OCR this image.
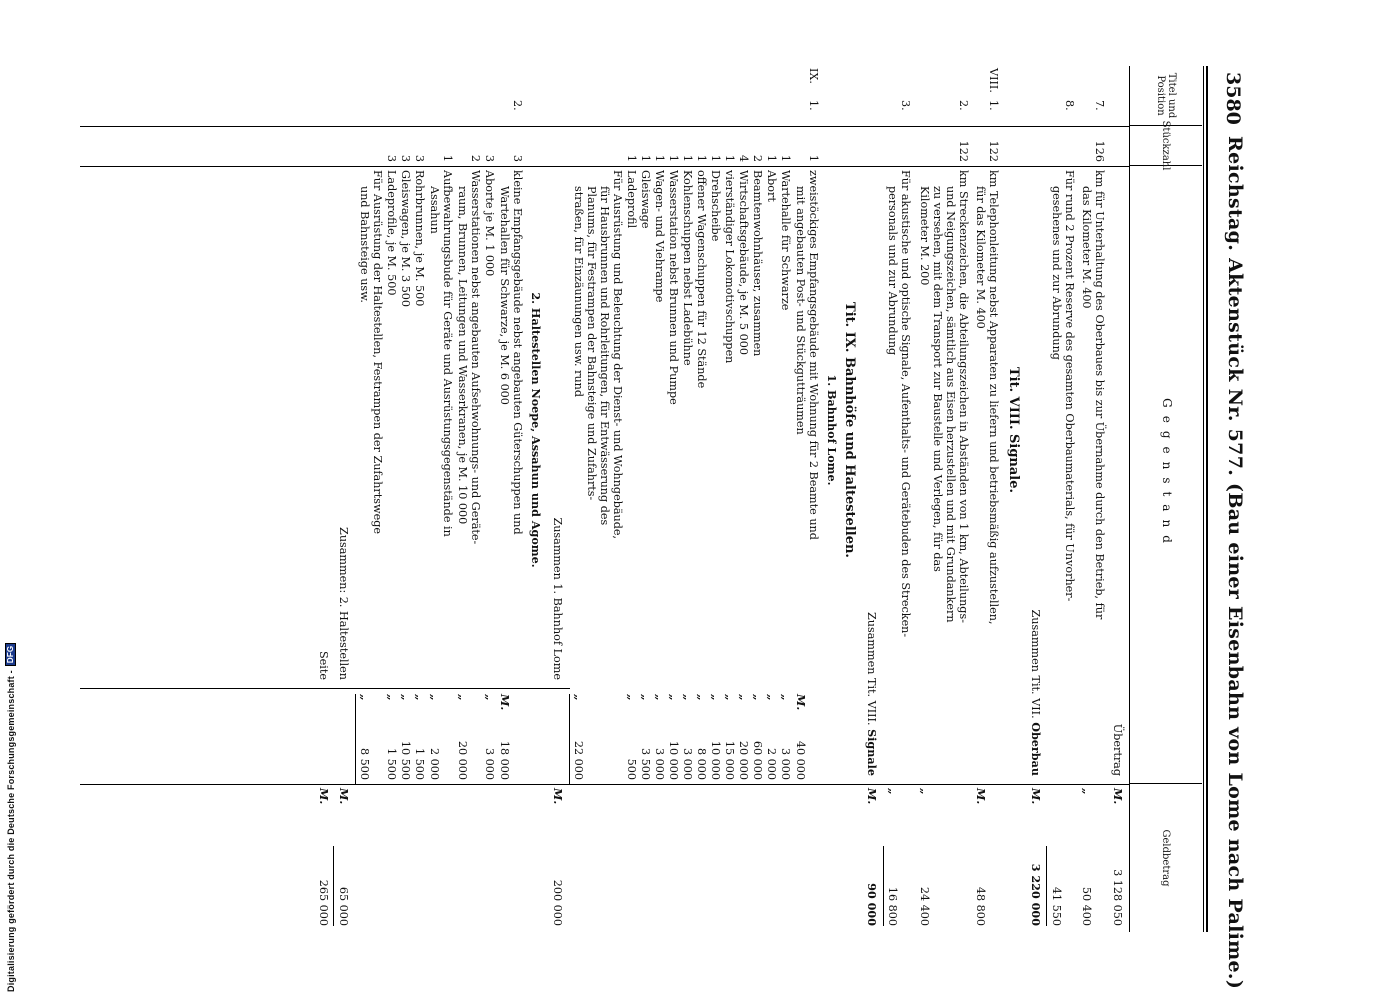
Digitalisierung gefördert durch die Deutsche Forschungsgemeinschaft -
DFG
3580
Reichstag. Aktenstück Nr. 577. (Bau einer Eisenbahn von Lome nach Palime.)
Titel und Position
Stückzahl
Gegenstand
Geldbetrag
Übertrag
M.
3 128 050
7.
126
km für Unterhaltung des Oberbaues bis zur Übernahme durch den Betrieb, für
das Kilometer M. 400
„
50 400
8.
Für rund 2 Prozent Reserve des gesamten Oberbaumaterials, für Unvorher-
gesehenes und zur Abrundung
41 550
Zusammen Tit. VII. Oberbau
M.
3 220 000
Tit. VIII. Signale.
VIII.
1.
122
km Telephonleitung nebst Apparaten zu liefern und betriebsmäßig aufzustellen,
für das Kilometer M. 400
M.
48 800
2.
122
km Streckenzeichen, die Abteilungszeichen in Abständen von 1 km, Abteilungs-
und Neigungszeichen, sämtlich aus Eisen herzustellen und mit Grundankern
zu versehen, mit dem Transport zur Baustelle und Verlegen, für das
Kilometer M. 200
„
24 400
3.
Für akustische und optische Signale, Aufenthalts- und Gerätebuden des Strecken-
personals und zur Abrundung
„
16 800
Zusammen Tit. VIII. Signale
M.
90 000
Tit. IX. Bahnhöfe und Haltestellen.
1. Bahnhof Lome.
IX.
1.
1
zweistöckiges Empfangsgebäude mit Wohnung für 2 Beamte und
mit angebauten Post- und Stückgutträumen
M.
40 000
1
Wartehalle für Schwarze
„
3 000
1
Abort
„
2 000
2
Beamtenwohnhäuser, zusammen
„
60 000
4
Wirtschaftsgebäude, je M. 5 000
„
20 000
1
vierständiger Lokomotivschuppen
„
15 000
1
Drehscheibe
„
10 000
1
offener Wagenschuppen für 12 Stände
„
8 000
1
Kohlenschuppen nebst Ladebühne
„
3 000
1
Wasserstation nebst Brunnen und Pumpe
„
10 000
1
Wagen- und Viehrampe
„
3 000
1
Gleiswage
„
3 500
1
Ladeprofil
„
500
Für Ausrüstung und Beleuchtung der Dienst- und Wohngebäude,
für Hausbrunnen und Rohrleitungen, für Entwässerung des
Planums, für Festrampen der Bahnsteige und Zufahrts-
straßen, für Einzäunungen usw. rund
„
22 000
Zusammen 1. Bahnhof Lome
M.
200 000
2. Haltestellen Noepe, Assahun und Agome.
2.
3
kleine Empfangsgebäude nebst angebauten Güterschuppen und
Wartehallen für Schwarze, je M. 6 000
M.
18 000
3
Aborte je M. 1 000
„
3 000
2
Wasserstationen nebst angebauten Aufsehwohnungs- und Geräte-
raum, Brunnen, Leitungen und Wasserkranen, je M. 10 000
„
20 000
1
Aufbewahrungsbude für Geräte und Ausrüstungsgegenstände in
Assahun
„
2 000
3
Rohrbrunnen, je M. 500
„
1 500
3
Gleiswagen, je M. 3 500
„
10 500
3
Ladeprofile, je M. 500
„
1 500
Für Ausrüstung der Haltestellen, Festrampen der Zufahrtswege
und Bahnsteige usw.
„
8 500
Zusammen: 2. Haltestellen
M.
65 000
Seite
M.
265 000
